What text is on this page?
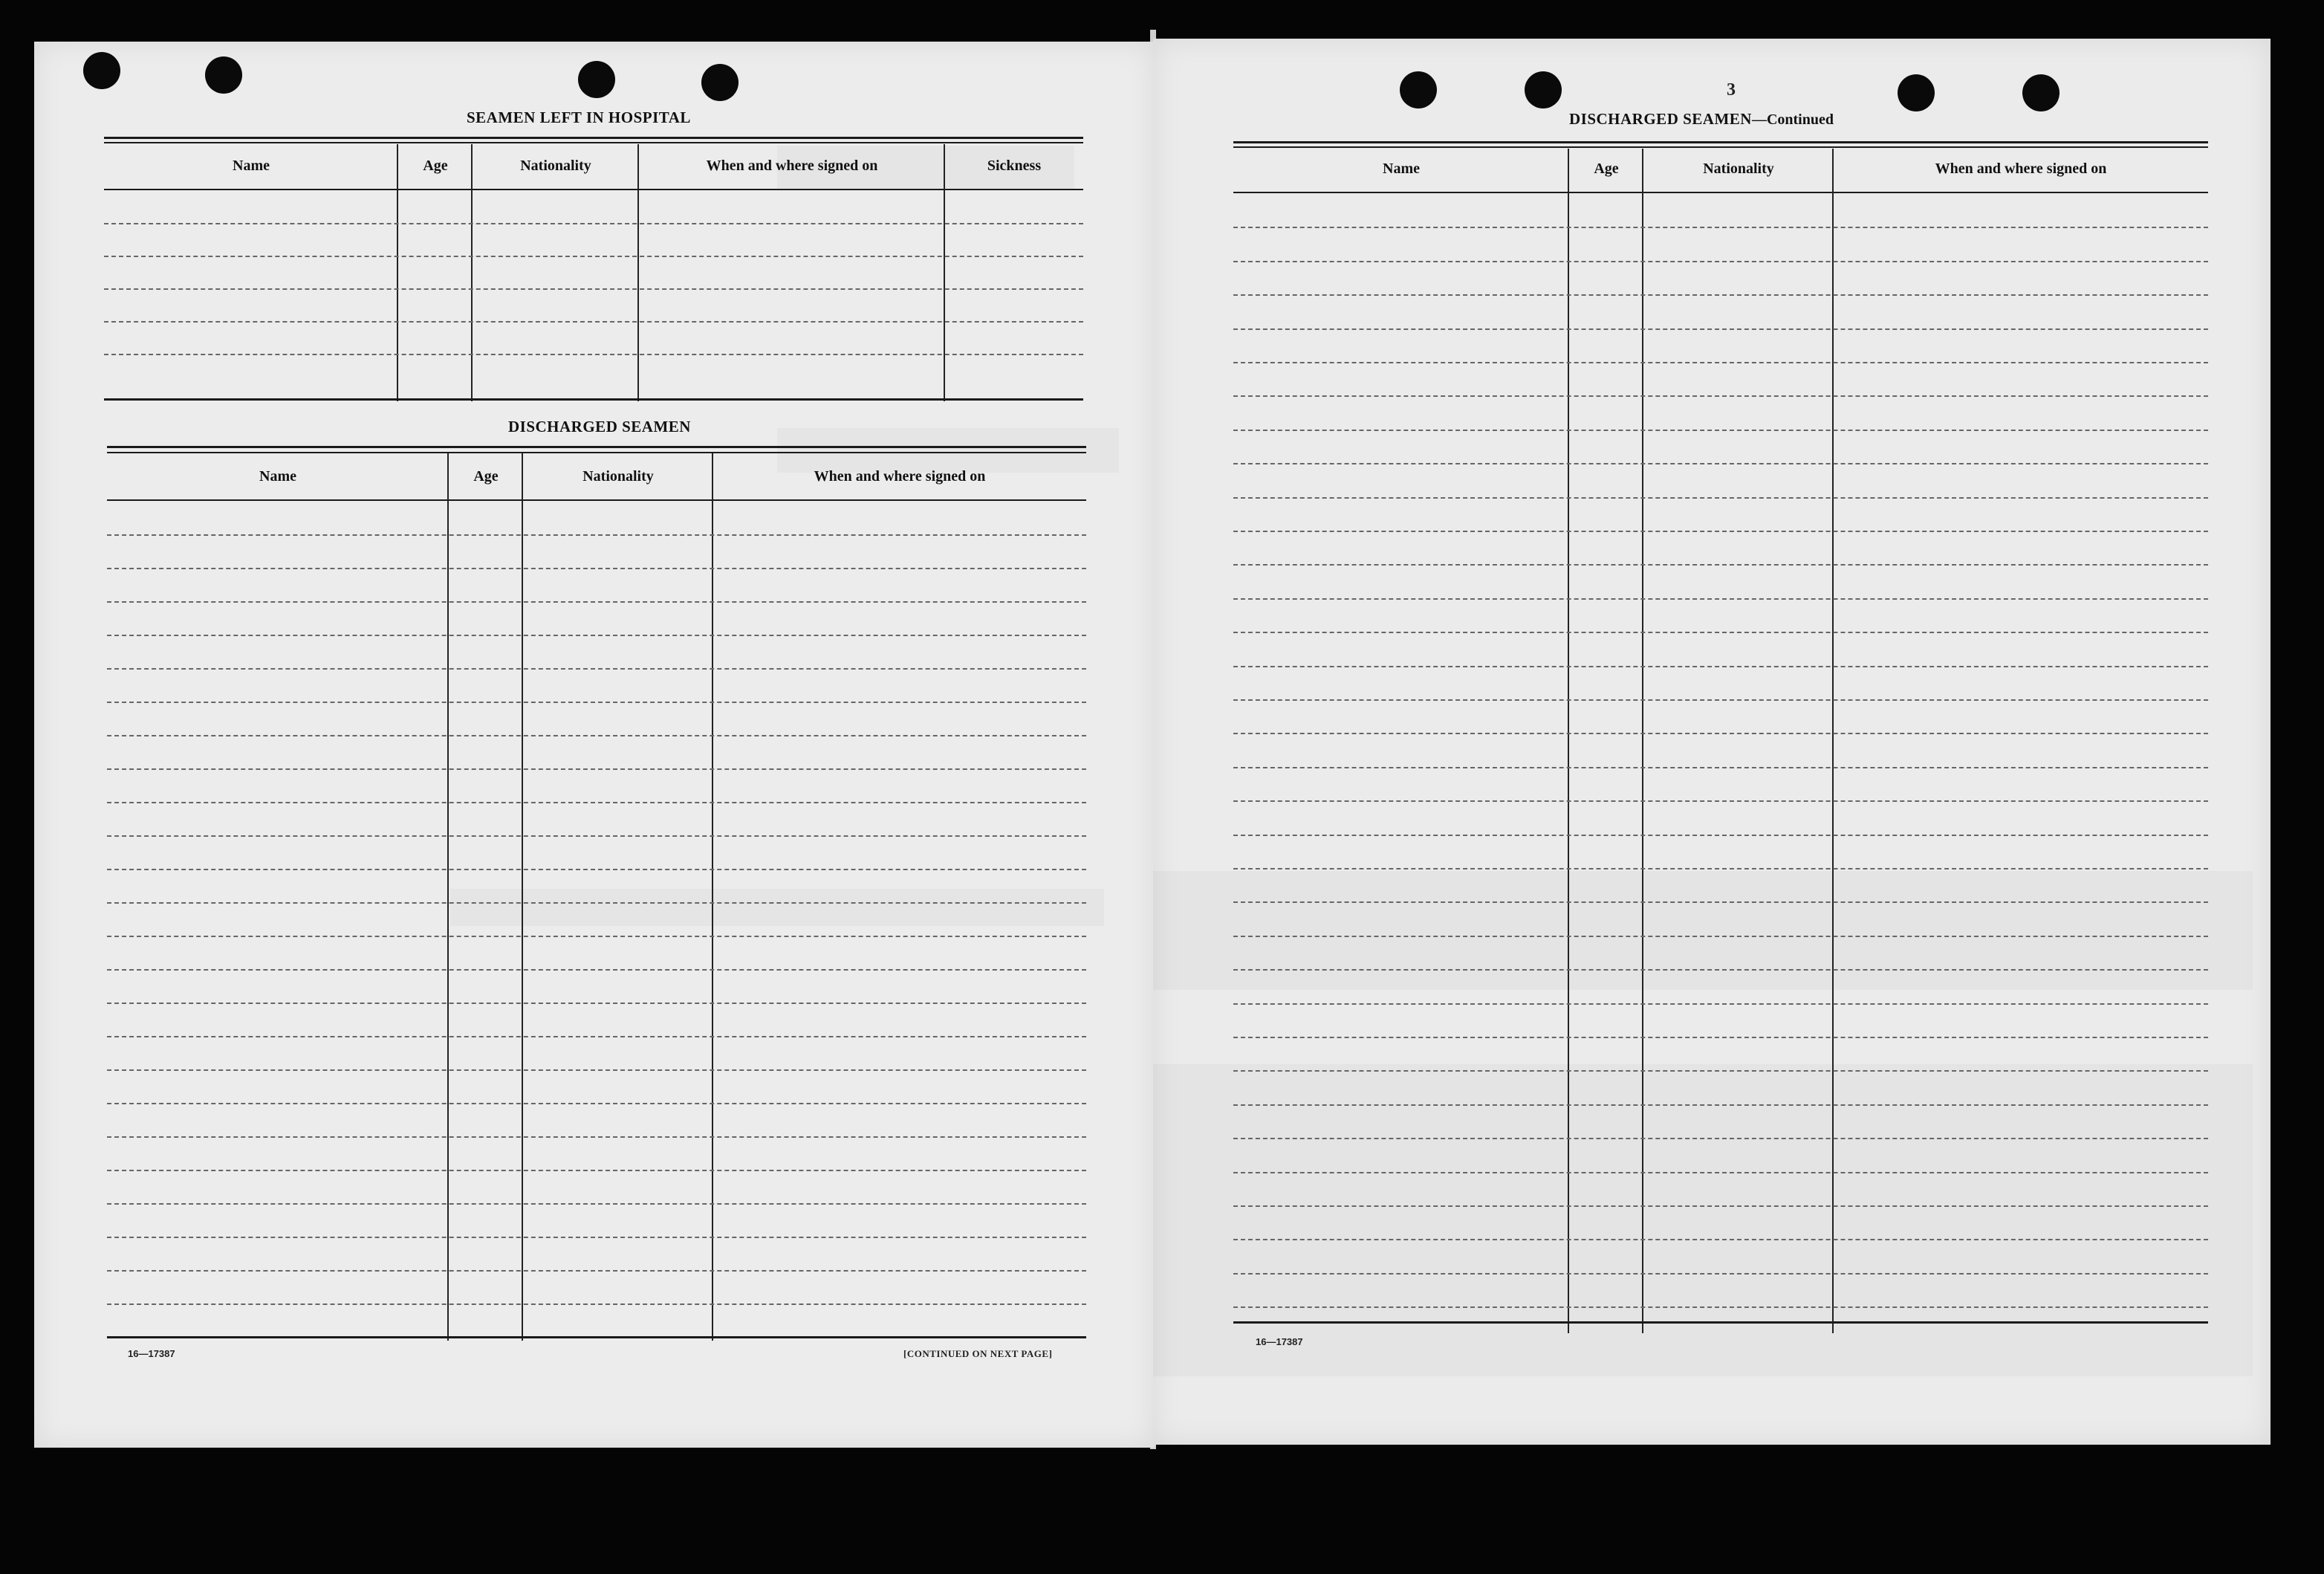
SEAMEN LEFT IN HOSPITAL
Name	Age	Nationality	When and where signed on	Sickness
DISCHARGED SEAMEN
Name	Age	Nationality	When and where signed on
16—17387	[CONTINUED ON NEXT PAGE]
3
DISCHARGED SEAMEN—Continued
Name	Age	Nationality	When and where signed on
16—17387
